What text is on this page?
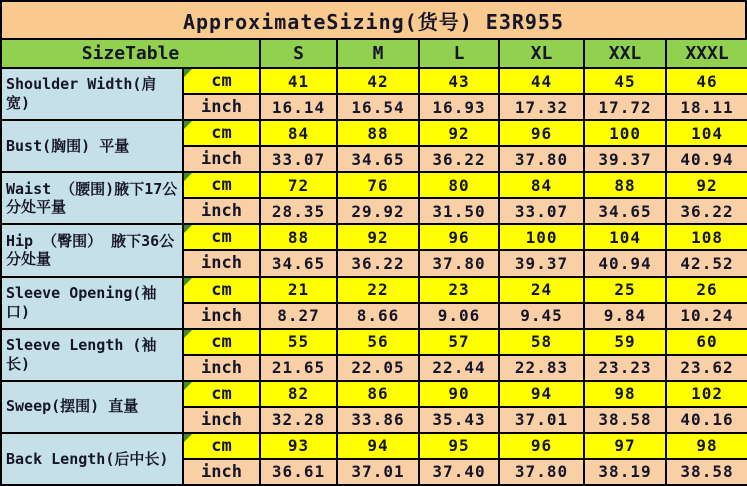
ApproximateSizing(货号) E3R955
SizeTable		S	M	L	XL	XXL	XXXL
Shoulder Width(肩宽)	cm	41	42	43	44	45	46
	inch	16.14	16.54	16.93	17.32	17.72	18.11
Bust(胸围) 平量	cm	84	88	92	96	100	104
	inch	33.07	34.65	36.22	37.80	39.37	40.94
Waist （腰围)腋下17公分处平量	cm	72	76	80	84	88	92
	inch	28.35	29.92	31.50	33.07	34.65	36.22
Hip （臀围） 腋下36公分处量	cm	88	92	96	100	104	108
	inch	34.65	36.22	37.80	39.37	40.94	42.52
Sleeve Opening(袖口)	cm	21	22	23	24	25	26
	inch	8.27	8.66	9.06	9.45	9.84	10.24
Sleeve Length (袖长)	cm	55	56	57	58	59	60
	inch	21.65	22.05	22.44	22.83	23.23	23.62
Sweep(摆围) 直量	cm	82	86	90	94	98	102
	inch	32.28	33.86	35.43	37.01	38.58	40.16
Back Length(后中长)	cm	93	94	95	96	97	98
	inch	36.61	37.01	37.40	37.80	38.19	38.58
